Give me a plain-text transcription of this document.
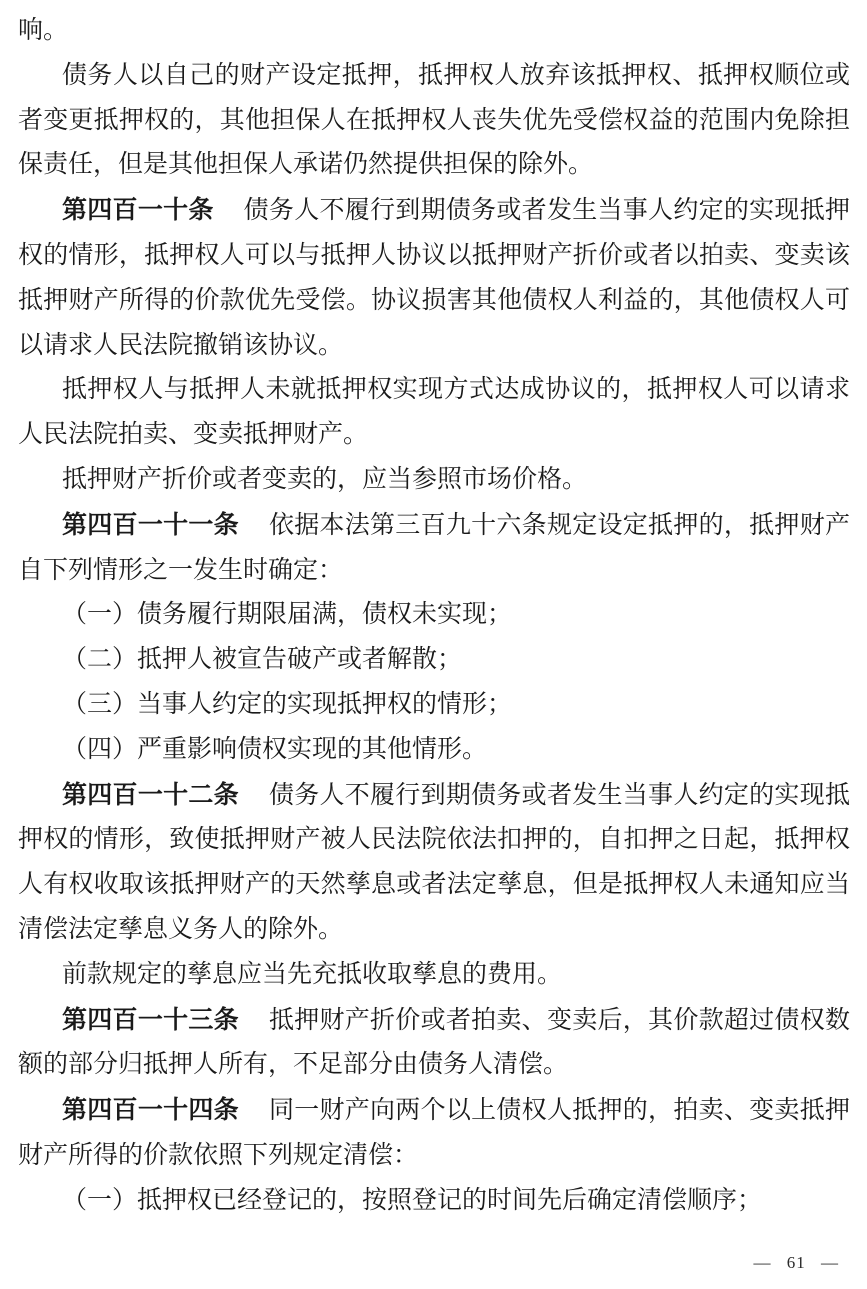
响。

债务人以自己的财产设定抵押，抵押权人放弃该抵押权、抵押权顺位或者变更抵押权的，其他担保人在抵押权人丧失优先受偿权益的范围内免除担保责任，但是其他担保人承诺仍然提供担保的除外。

第四百一十条 债务人不履行到期债务或者发生当事人约定的实现抵押权的情形，抵押权人可以与抵押人协议以抵押财产折价或者以拍卖、变卖该抵押财产所得的价款优先受偿。协议损害其他债权人利益的，其他债权人可以请求人民法院撤销该协议。

抵押权人与抵押人未就抵押权实现方式达成协议的，抵押权人可以请求人民法院拍卖、变卖抵押财产。

抵押财产折价或者变卖的，应当参照市场价格。

第四百一十一条 依据本法第三百九十六条规定设定抵押的，抵押财产自下列情形之一发生时确定：

（一）债务履行期限届满，债权未实现；

（二）抵押人被宣告破产或者解散；

（三）当事人约定的实现抵押权的情形；

（四）严重影响债权实现的其他情形。

第四百一十二条 债务人不履行到期债务或者发生当事人约定的实现抵押权的情形，致使抵押财产被人民法院依法扣押的，自扣押之日起，抵押权人有权收取该抵押财产的天然孳息或者法定孳息，但是抵押权人未通知应当清偿法定孳息义务人的除外。

前款规定的孳息应当先充抵收取孳息的费用。

第四百一十三条 抵押财产折价或者拍卖、变卖后，其价款超过债权数额的部分归抵押人所有，不足部分由债务人清偿。

第四百一十四条 同一财产向两个以上债权人抵押的，拍卖、变卖抵押财产所得的价款依照下列规定清偿：

（一）抵押权已经登记的，按照登记的时间先后确定清偿顺序；

— 61 —
